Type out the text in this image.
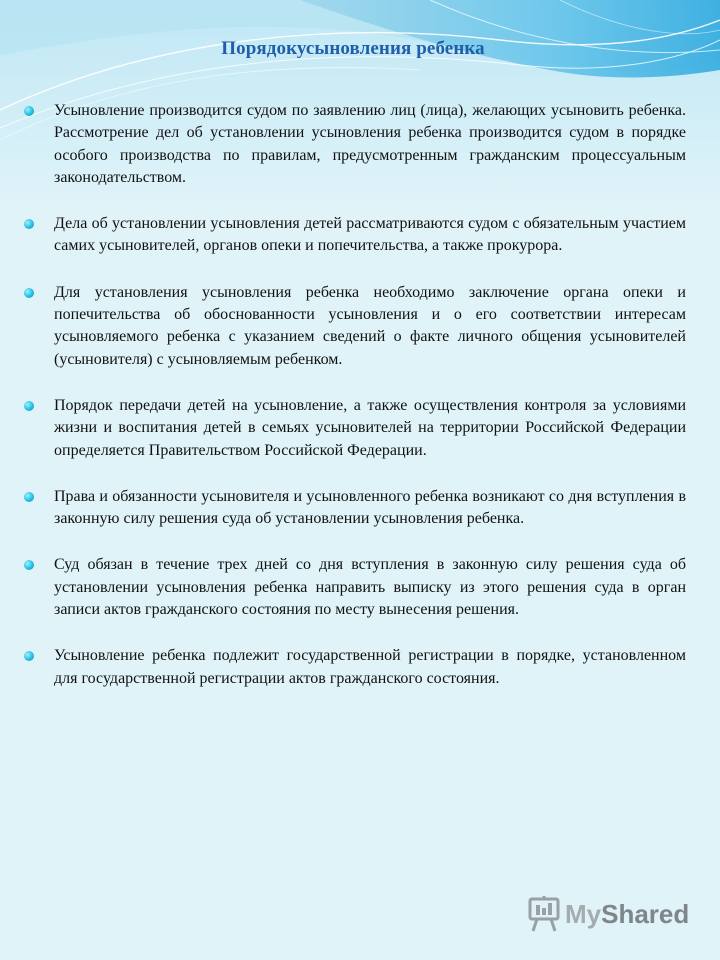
Порядокусыновления ребенка
Усыновление производится судом по заявлению лиц (лица), желающих усыновить ребенка. Рассмотрение дел об установлении усыновления ребенка производится судом в порядке особого производства по правилам, предусмотренным гражданским процессуальным законодательством.
Дела об установлении усыновления детей рассматриваются судом с обязательным участием самих усыновителей, органов опеки и попечительства, а также прокурора.
Для установления усыновления ребенка необходимо заключение органа опеки и попечительства об обоснованности усыновления и о его соответствии интересам усыновляемого ребенка с указанием сведений о факте личного общения усыновителей (усыновителя) с усыновляемым ребенком.
Порядок передачи детей на усыновление, а также осуществления контроля за условиями жизни и воспитания детей в семьях усыновителей на территории Российской Федерации определяется Правительством Российской Федерации.
Права и обязанности усыновителя и усыновленного ребенка возникают со дня вступления в законную силу решения суда об установлении усыновления ребенка.
Суд обязан в течение трех дней со дня вступления в законную силу решения суда об установлении усыновления ребенка направить выписку из этого решения суда в орган записи актов гражданского состояния по месту вынесения решения.
Усыновление ребенка подлежит государственной регистрации в порядке, установленном для государственной регистрации актов гражданского состояния.
My Shared
